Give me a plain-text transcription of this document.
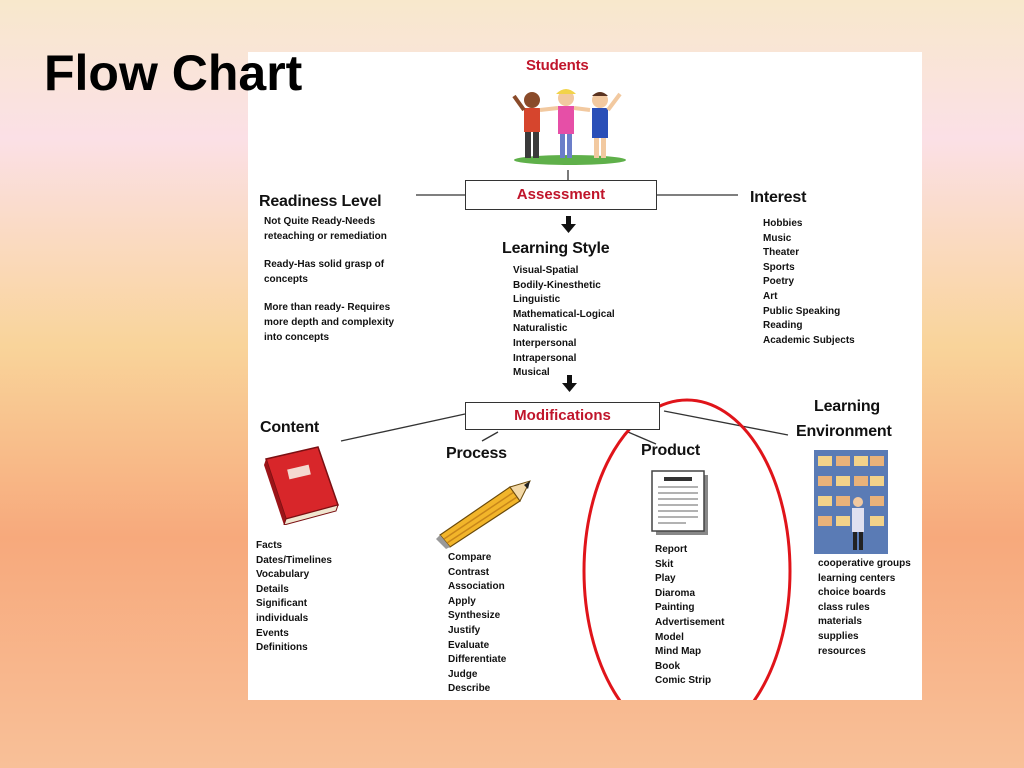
Flow Chart	Students
Assessment
Readiness Level

Not Quite Ready-Needs reteaching or remediation

Ready-Has solid grasp of concepts

More than ready- Requires more depth and complexity into concepts

Learning Style
Visual-Spatial
Bodily-Kinesthetic
Linguistic
Mathematical-Logical
Naturalistic
Interpersonal
Intrapersonal
Musical
Interest
Hobbies
Music
Theater
Sports
Poetry
Art
Public Speaking
Reading
Academic Subjects
Modifications
Content
Facts
Dates/Timelines
Vocabulary
Details
Significant
individuals
Events
Definitions
Process
Compare
Contrast
Association
Apply
Synthesize
Justify
Evaluate
Differentiate
Judge
Describe
Product
Report
Skit
Play
Diaroma
Painting
Advertisement
Model
Mind Map
Book
Comic Strip
Learning
Environment
cooperative groups
learning centers
choice boards
class rules
materials
supplies
resources
